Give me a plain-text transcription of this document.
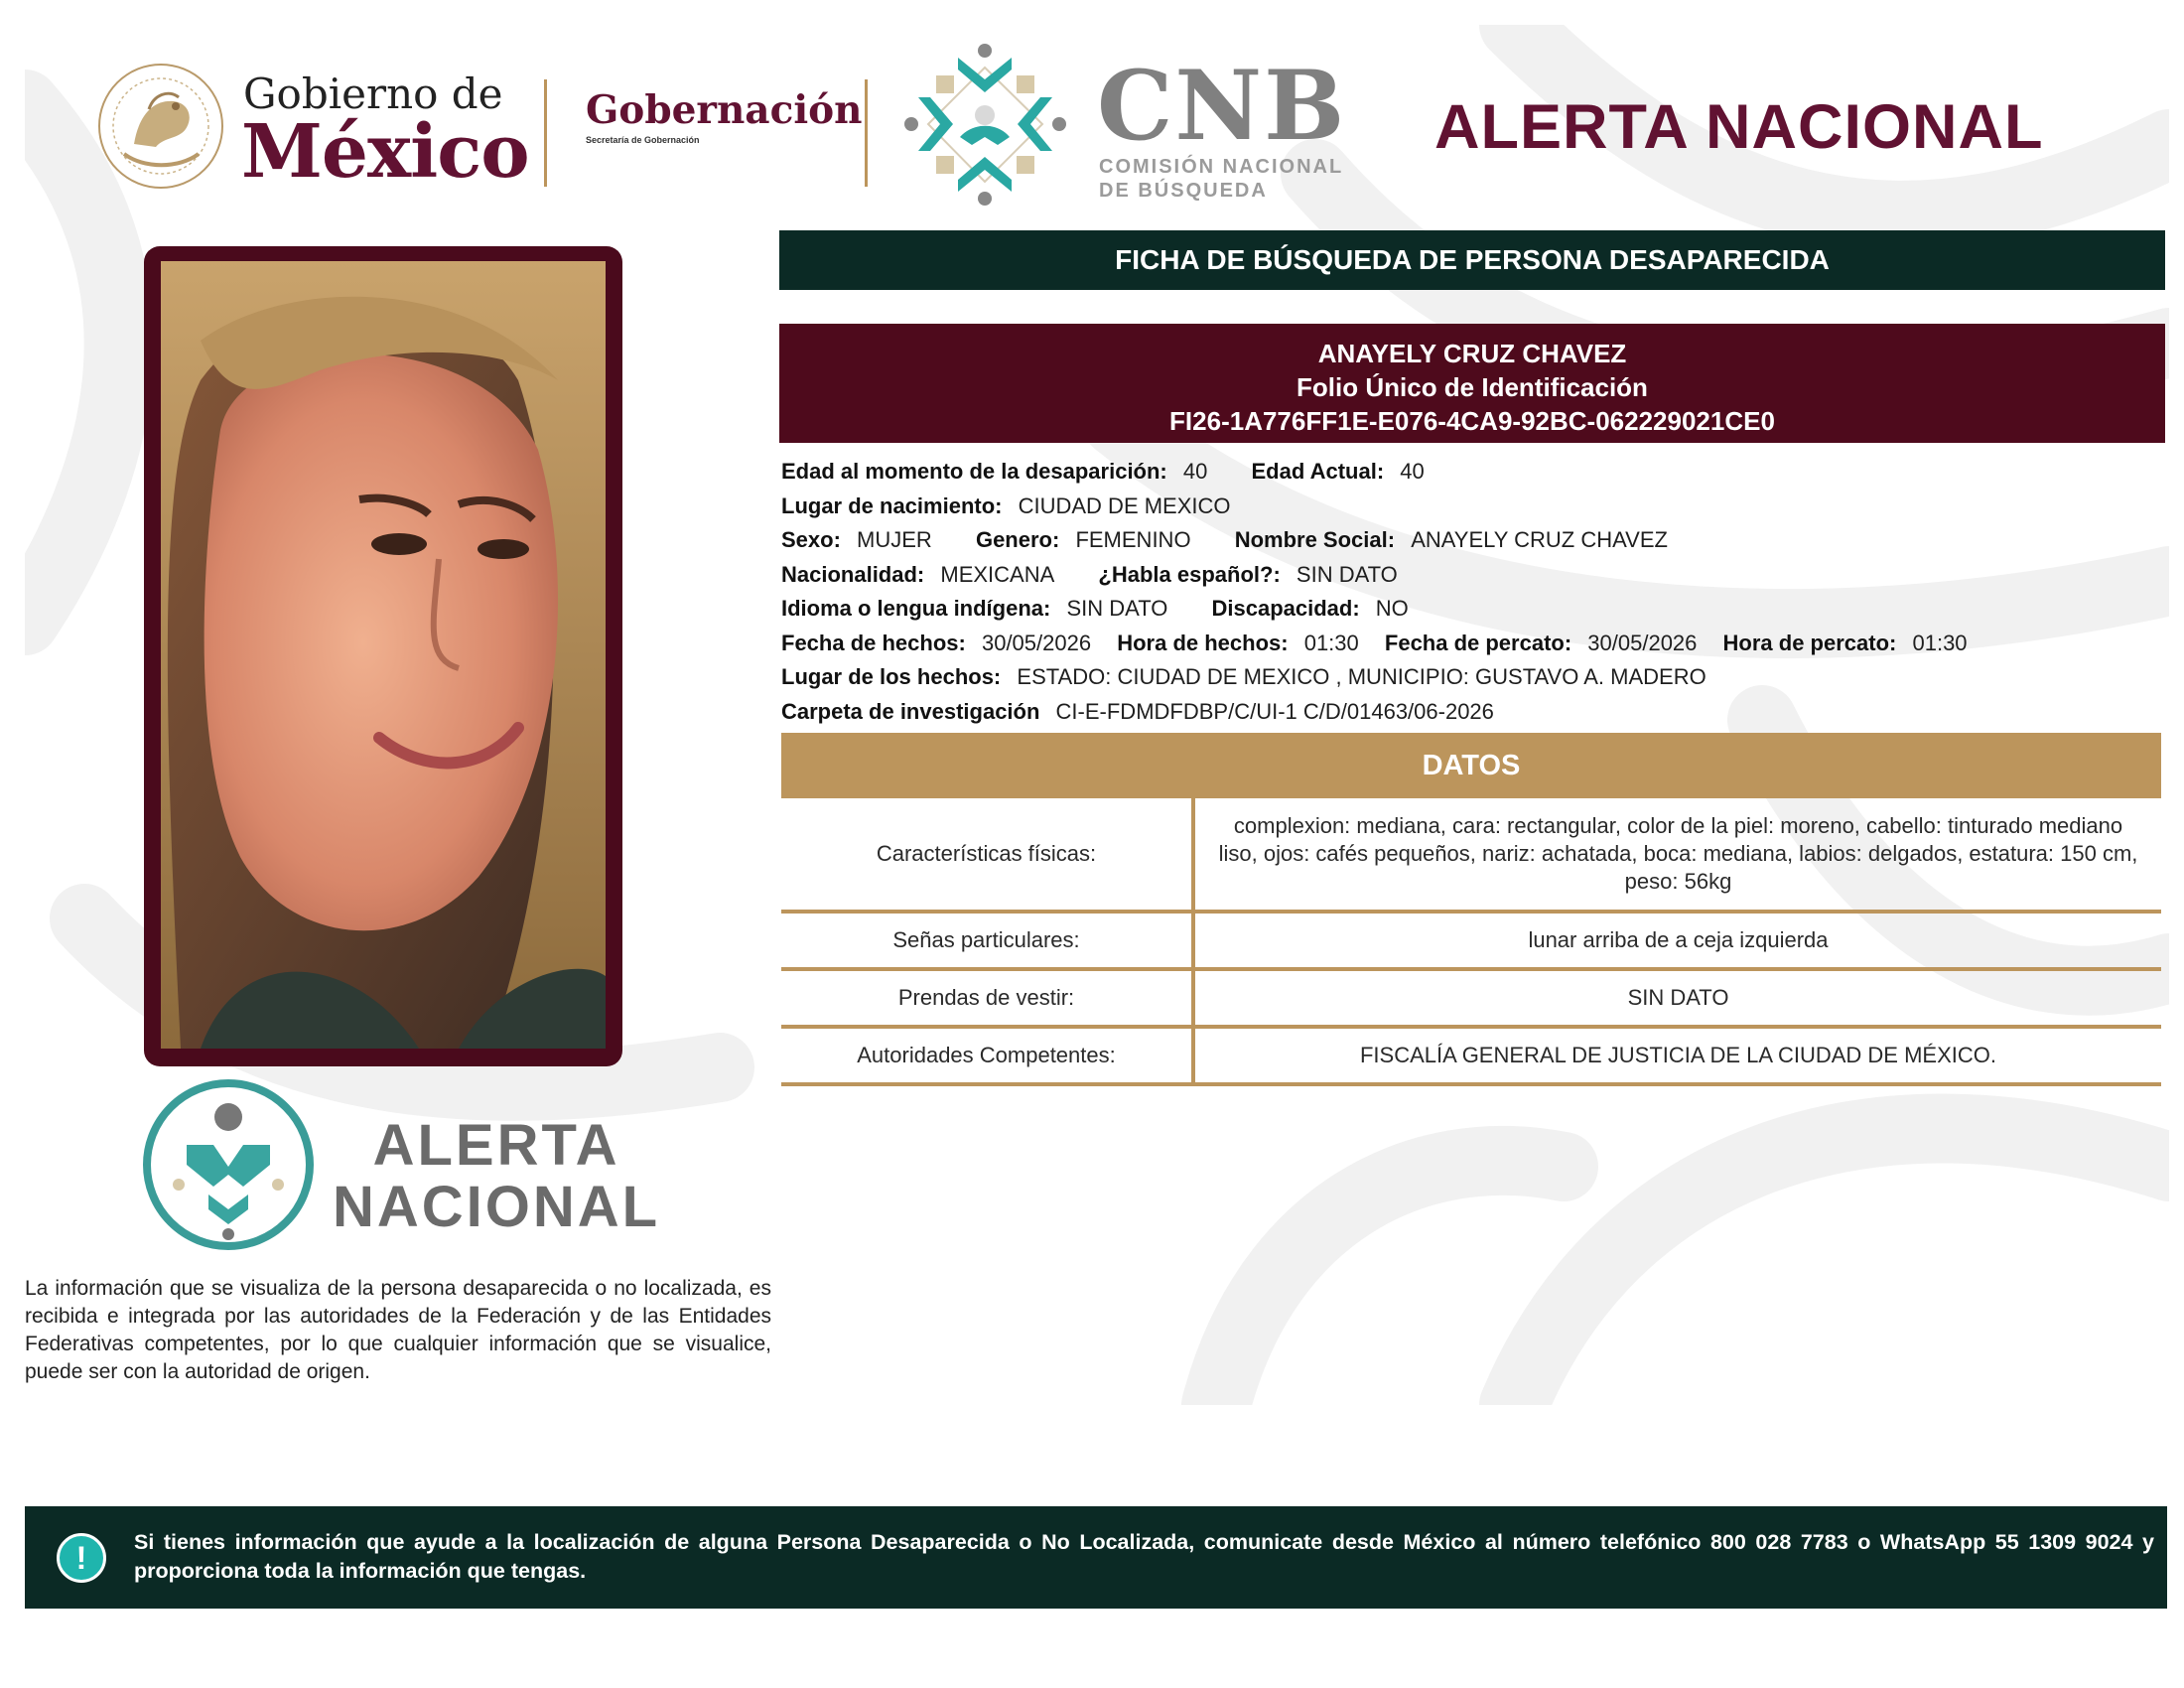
Gobierno de
México Gobernación
Secretaría de Gobernación	CNB
COMISIÓN NACIONAL
DE BÚSQUEDA
ALERTA NACIONAL
ALERTA
NACIONAL
La información que se visualiza de la persona desaparecida o no localizada, es recibida e integrada por las autoridades de la Federación y de las Entidades Federativas competentes, por lo que cualquier información que se visualice, puede ser con la autoridad de origen.
FICHA DE BÚSQUEDA DE PERSONA DESAPARECIDA
ANAYELY CRUZ CHAVEZ
Folio Único de Identificación
FI26-1A776FF1E-E076-4CA9-92BC-062229021CE0
Edad al momento de la desaparición: 40 Edad Actual: 40
Lugar de nacimiento: CIUDAD DE MEXICO
Sexo: MUJER Genero: FEMENINO Nombre Social: ANAYELY CRUZ CHAVEZ
Nacionalidad: MEXICANA ¿Habla español?: SIN DATO
Idioma o lengua indígena: SIN DATO Discapacidad: NO
Fecha de hechos: 30/05/2026 Hora de hechos: 01:30 Fecha de percato: 30/05/2026 Hora de percato: 01:30
Lugar de los hechos: ESTADO: CIUDAD DE MEXICO , MUNICIPIO: GUSTAVO A. MADERO
Carpeta de investigación CI-E-FDMDFDBP/C/UI-1 C/D/01463/06-2026
DATOS
Características físicas:	complexion: mediana, cara: rectangular, color de la piel: moreno, cabello: tinturado mediano liso, ojos: cafés pequeños, nariz: achatada, boca: mediana, labios: delgados, estatura: 150 cm, peso: 56kg
Señas particulares:	lunar arriba de a ceja izquierda
Prendas de vestir:	SIN DATO
Autoridades Competentes:	FISCALÍA GENERAL DE JUSTICIA DE LA CIUDAD DE MÉXICO.
!	Si tienes información que ayude a la localización de alguna Persona Desaparecida o No Localizada, comunicate desde México al número telefónico 800 028 7783 o WhatsApp 55 1309 9024 y proporciona toda la información que tengas.
